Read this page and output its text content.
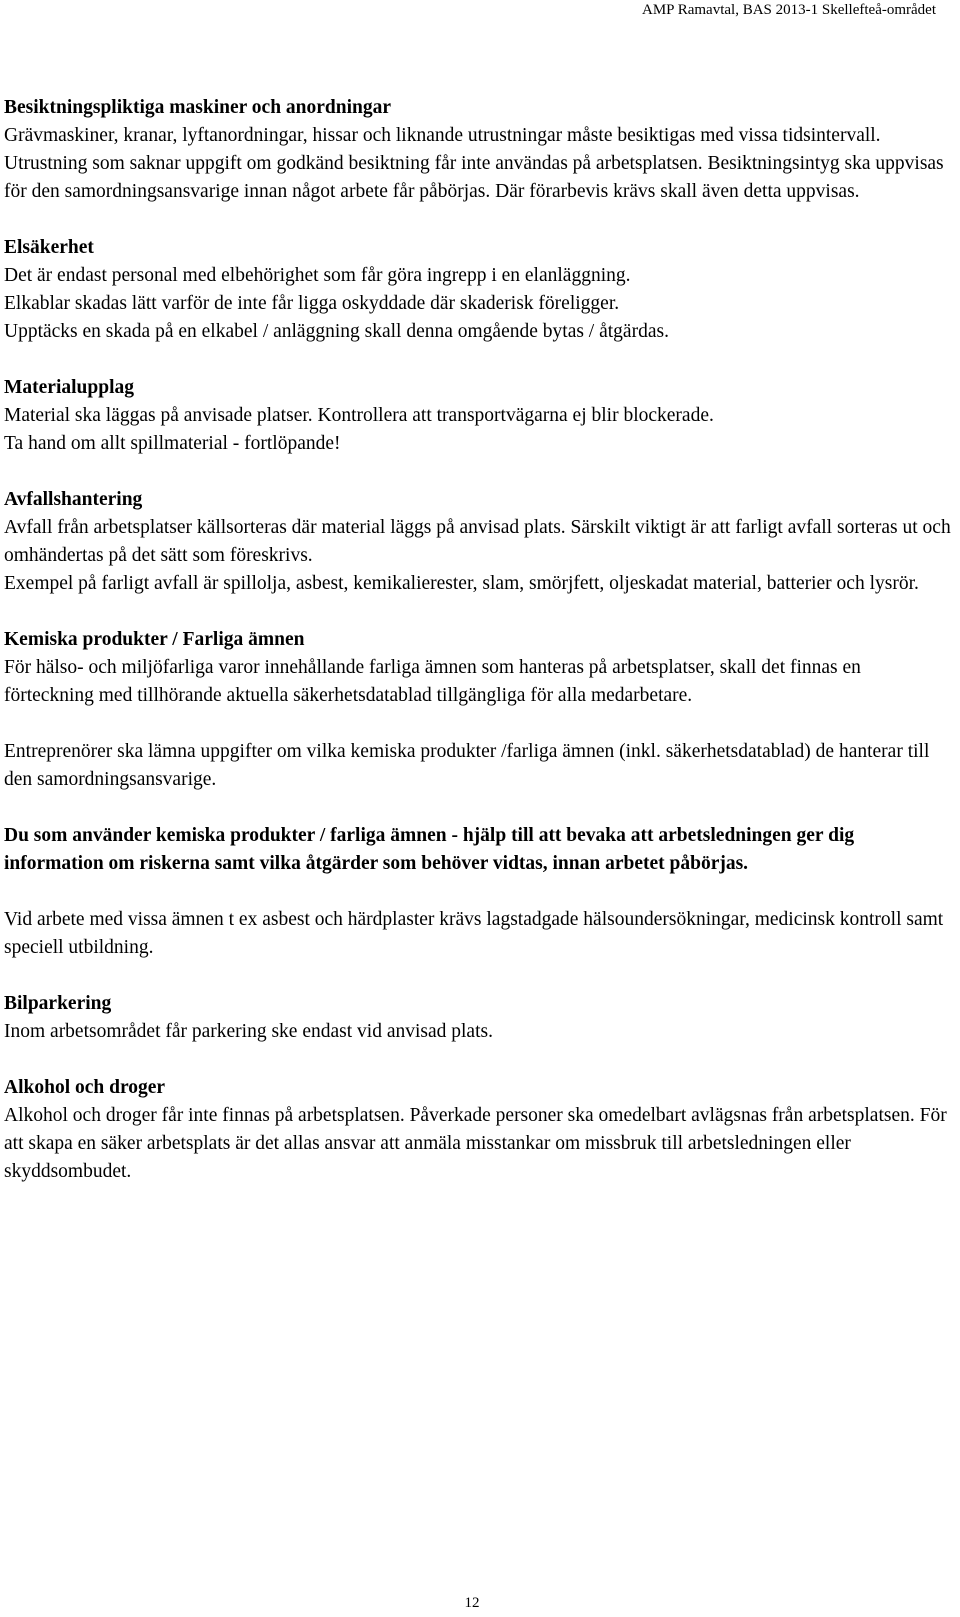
AMP Ramavtal, BAS 2013-1 Skellefteå-området

Besiktningspliktiga maskiner och anordningar

Grävmaskiner, kranar, lyftanordningar, hissar och liknande utrustningar måste besiktigas med vissa tidsintervall. Utrustning som saknar uppgift om godkänd besiktning får inte användas på arbetsplatsen. Besiktningsintyg ska uppvisas för den samordningsansvarige innan något arbete får påbörjas. Där förarbevis krävs skall även detta uppvisas.

Elsäkerhet

Det är endast personal med elbehörighet som får göra ingrepp i en elanläggning.

Elkablar skadas lätt varför de inte får ligga oskyddade där skaderisk föreligger.

Upptäcks en skada på en elkabel / anläggning skall denna omgående bytas / åtgärdas.

Materialupplag

Material ska läggas på anvisade platser. Kontrollera att transportvägarna ej blir blockerade.

Ta hand om allt spillmaterial - fortlöpande!

Avfallshantering

Avfall från arbetsplatser källsorteras där material läggs på anvisad plats. Särskilt viktigt är att farligt avfall sorteras ut och omhändertas på det sätt som föreskrivs.

Exempel på farligt avfall är spillolja, asbest, kemikalierester, slam, smörjfett, oljeskadat material, batterier och lysrör.

Kemiska produkter / Farliga ämnen

För hälso- och miljöfarliga varor innehållande farliga ämnen som hanteras på arbetsplatser, skall det finnas en förteckning med tillhörande aktuella säkerhetsdatablad tillgängliga för alla medarbetare.

Entreprenörer ska lämna uppgifter om vilka kemiska produkter /farliga ämnen (inkl. säkerhetsdatablad) de hanterar till den samordningsansvarige.

Du som använder kemiska produkter / farliga ämnen - hjälp till att bevaka att arbetsledningen ger dig information om riskerna samt vilka åtgärder som behöver vidtas, innan arbetet påbörjas.

Vid arbete med vissa ämnen t ex asbest och härdplaster krävs lagstadgade hälsoundersökningar, medicinsk kontroll samt speciell utbildning.

Bilparkering

Inom arbetsområdet får parkering ske endast vid anvisad plats.

Alkohol och droger

Alkohol och droger får inte finnas på arbetsplatsen. Påverkade personer ska omedelbart avlägsnas från arbetsplatsen. För att skapa en säker arbetsplats är det allas ansvar att anmäla misstankar om missbruk till arbetsledningen eller skyddsombudet.

12
